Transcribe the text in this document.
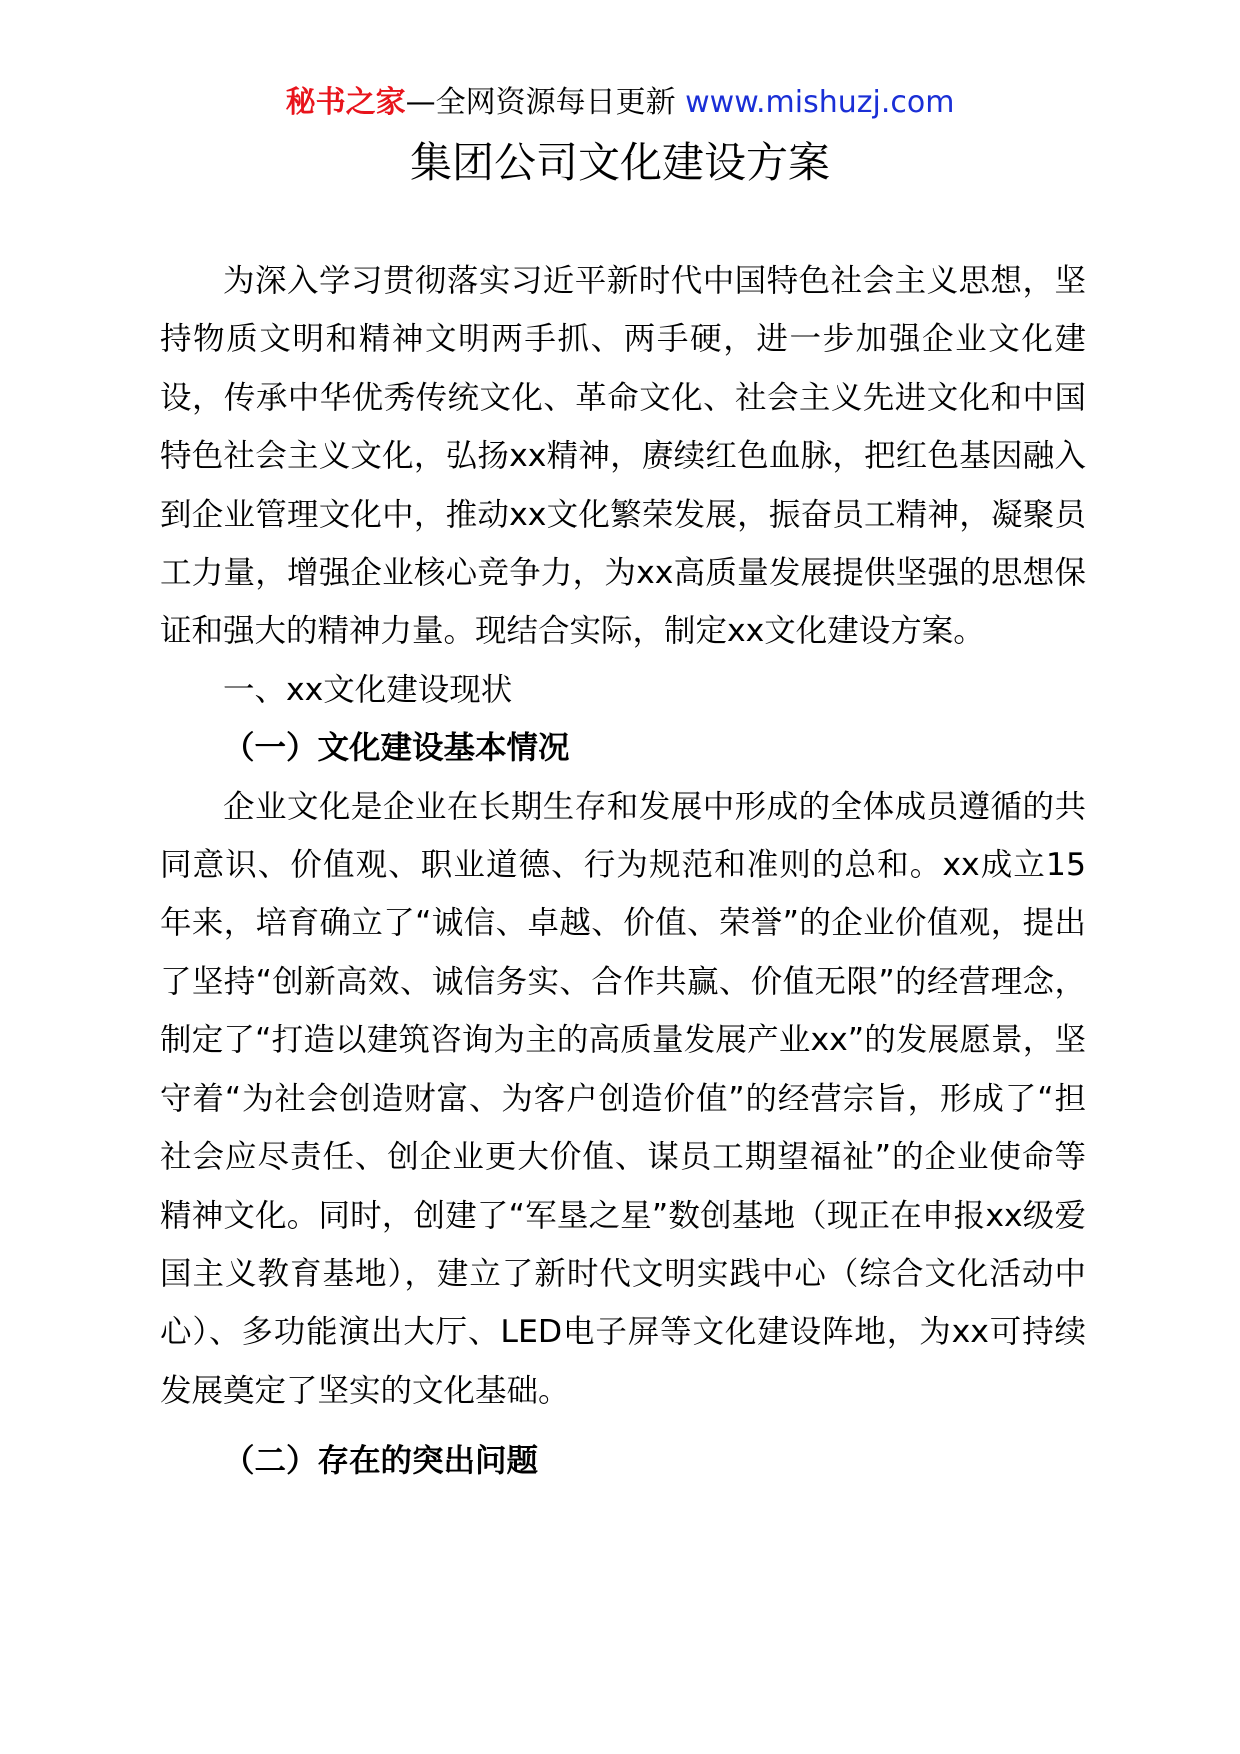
秘书之家—全网资源每日更新 www.mishuzj.com
集团公司文化建设方案

为深入学习贯彻落实习近平新时代中国特色社会主义思想，坚持物质文明和精神文明两手抓、两手硬，进一步加强企业文化建设，传承中华优秀传统文化、革命文化、社会主义先进文化和中国特色社会主义文化，弘扬xx精神，赓续红色血脉，把红色基因融入到企业管理文化中，推动xx文化繁荣发展，振奋员工精神，凝聚员工力量，增强企业核心竞争力，为xx高质量发展提供坚强的思想保证和强大的精神力量。现结合实际，制定xx文化建设方案。

一、xx文化建设现状

（一）文化建设基本情况

企业文化是企业在长期生存和发展中形成的全体成员遵循的共同意识、价值观、职业道德、行为规范和准则的总和。xx成立15年来，培育确立了“诚信、卓越、价值、荣誉”的企业价值观，提出了坚持“创新高效、诚信务实、合作共赢、价值无限”的经营理念，制定了“打造以建筑咨询为主的高质量发展产业xx”的发展愿景，坚守着“为社会创造财富、为客户创造价值”的经营宗旨，形成了“担社会应尽责任、创企业更大价值、谋员工期望福祉”的企业使命等精神文化。同时，创建了“军垦之星”数创基地（现正在申报xx级爱国主义教育基地），建立了新时代文明实践中心（综合文化活动中心）、多功能演出大厅、LED电子屏等文化建设阵地，为xx可持续发展奠定了坚实的文化基础。

（二）存在的突出问题
